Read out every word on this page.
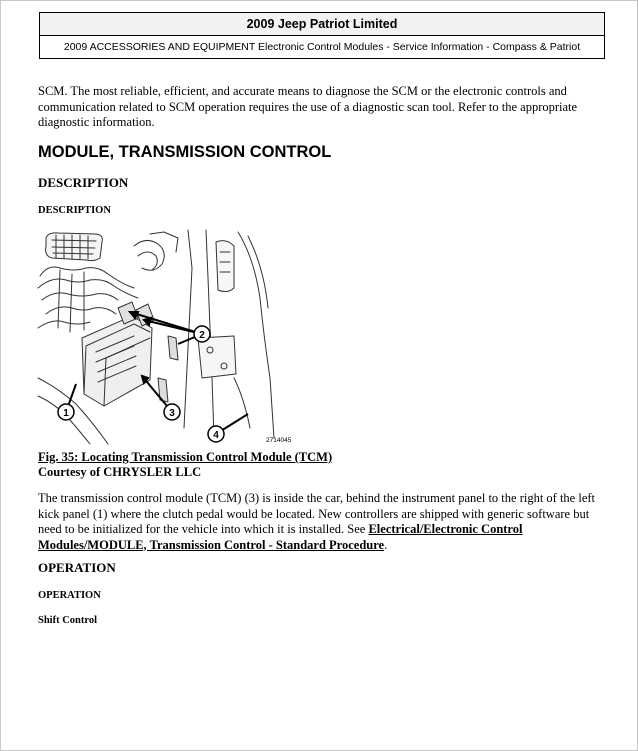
2009 Jeep Patriot Limited
2009 ACCESSORIES AND EQUIPMENT Electronic Control Modules - Service Information - Compass & Patriot
SCM. The most reliable, efficient, and accurate means to diagnose the SCM or the electronic controls and communication related to SCM operation requires the use of a diagnostic scan tool. Refer to the appropriate diagnostic information.
MODULE, TRANSMISSION CONTROL
DESCRIPTION
DESCRIPTION
1
2
3
4	2714045
Fig. 35: Locating Transmission Control Module (TCM)
Courtesy of CHRYSLER LLC
The transmission control module (TCM) (3) is inside the car, behind the instrument panel to the right of the left kick panel (1) where the clutch pedal would be located. New controllers are shipped with generic software but need to be initialized for the vehicle into which it is installed. See Electrical/Electronic Control Modules/MODULE, Transmission Control - Standard Procedure.
OPERATION
OPERATION
Shift Control
